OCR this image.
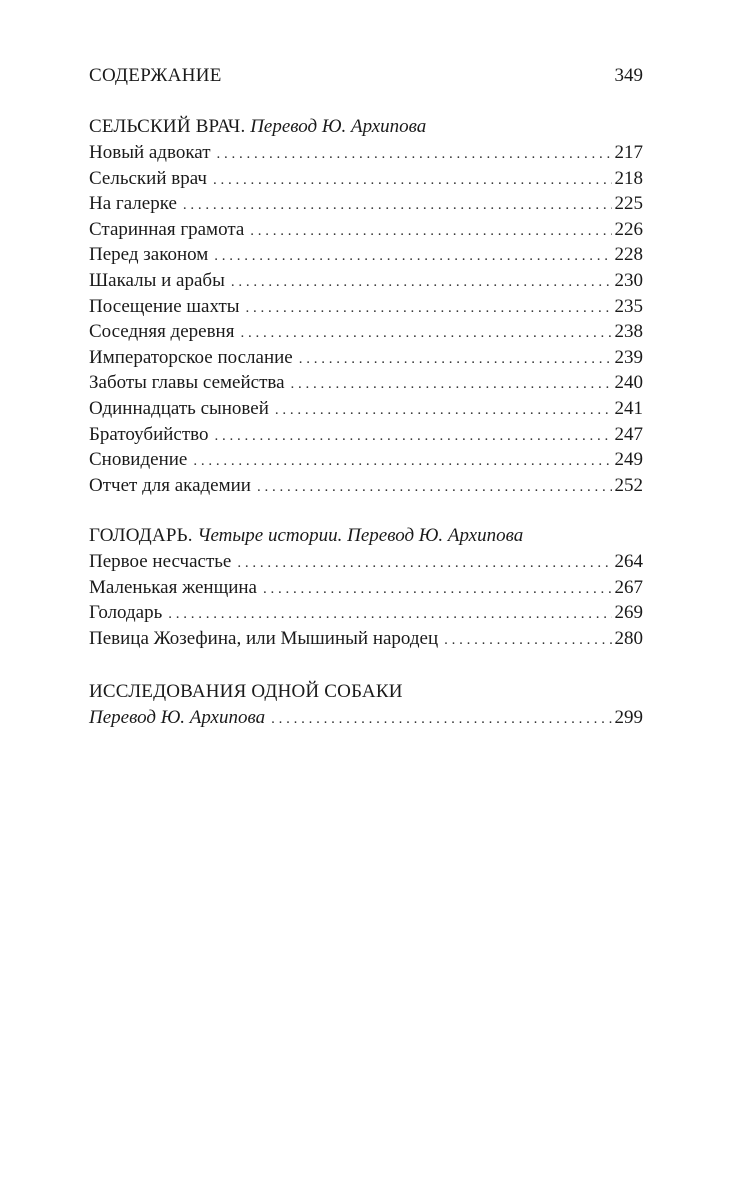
СОДЕРЖАНИЕ	349
СЕЛЬСКИЙ ВРАЧ. Перевод Ю. Архипова
Новый адвокат . . .	217
Сельский врач . . .	218
На галерке . . .	225
Старинная грамота . . .	226
Перед законом . . .	228
Шакалы и арабы . . .	230
Посещение шахты . . .	235
Соседняя деревня . . .	238
Императорское послание . . .	239
Заботы главы семейства . . .	240
Одиннадцать сыновей . . .	241
Братоубийство . . .	247
Сновидение . . .	249
Отчет для академии . . .	252
ГОЛОДАРЬ. Четыре истории. Перевод Ю. Архипова
Первое несчастье . . .	264
Маленькая женщина . . .	267
Голодарь . . .	269
Певица Жозефина, или Мышиный народец . . .	280
ИССЛЕДОВАНИЯ ОДНОЙ СОБАКИ
Перевод Ю. Архипова . . .	299
